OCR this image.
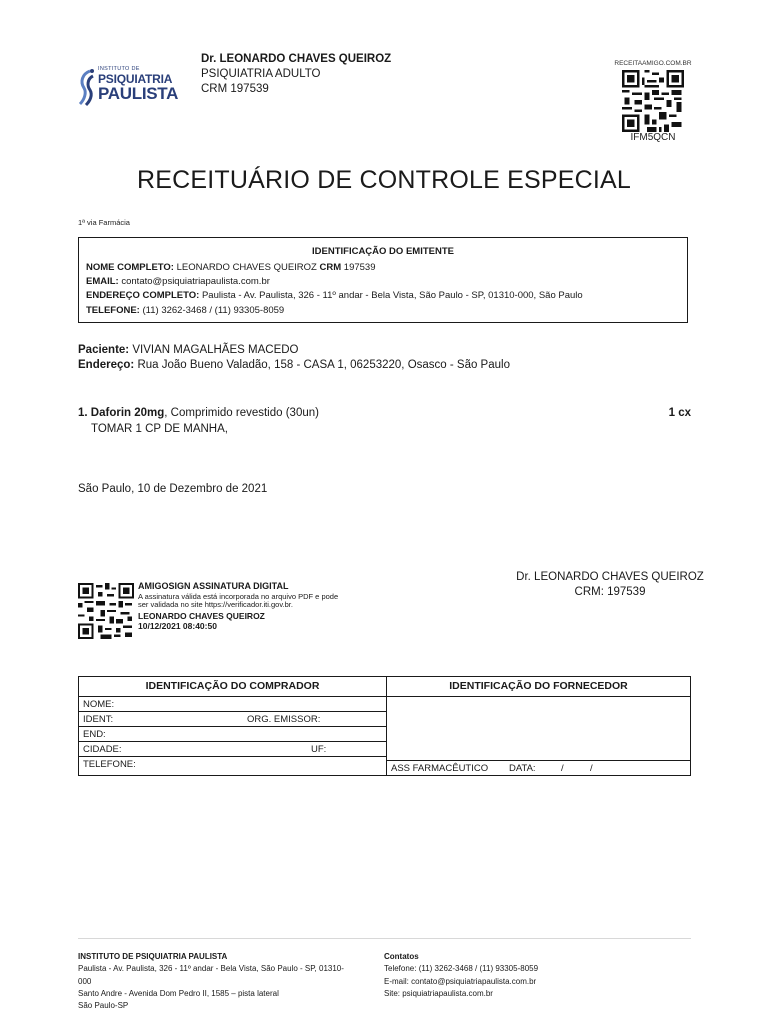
INSTITUTO DE
PSIQUIATRIA
PAULISTA
Dr. LEONARDO CHAVES QUEIROZ
PSIQUIATRIA ADULTO
CRM 197539
RECEITAAMIGO.COM.BR
IFM5QCN
RECEITUÁRIO DE CONTROLE ESPECIAL
1ª via Farmácia
IDENTIFICAÇÃO DO EMITENTE
NOME COMPLETO: LEONARDO CHAVES QUEIROZ CRM 197539
EMAIL: contato@psiquiatriapaulista.com.br
ENDEREÇO COMPLETO: Paulista - Av. Paulista, 326 - 11º andar - Bela Vista, São Paulo - SP, 01310-000, São Paulo
TELEFONE: (11) 3262-3468 / (11) 93305-8059
Paciente: VIVIAN MAGALHÃES MACEDO
Endereço: Rua João Bueno Valadão, 158 - CASA 1, 06253220, Osasco - São Paulo
1. Daforin 20mg, Comprimido revestido (30un)	1 cx
TOMAR 1 CP DE MANHA,
São Paulo, 10 de Dezembro de 2021
Dr. LEONARDO CHAVES QUEIROZ
CRM: 197539
AMIGOSIGN ASSINATURA DIGITAL
A assinatura válida está incorporada no arquivo PDF e pode
ser validada no site https://verificador.iti.gov.br.
LEONARDO CHAVES QUEIROZ
10/12/2021 08:40:50
IDENTIFICAÇÃO DO COMPRADOR
NOME:
IDENT:	ORG. EMISSOR:
END:
CIDADE:	UF:
TELEFONE:
IDENTIFICAÇÃO DO FORNECEDOR
ASS FARMACÊUTICO DATA:	/	/
INSTITUTO DE PSIQUIATRIA PAULISTA
Paulista - Av. Paulista, 326 - 11º andar - Bela Vista, São Paulo - SP, 01310-
000
Santo Andre - Avenida Dom Pedro II, 1585 – pista lateral
São Paulo-SP
Contatos
Telefone: (11) 3262-3468 / (11) 93305-8059
E-mail: contato@psiquiatriapaulista.com.br
Site: psiquiatriapaulista.com.br
